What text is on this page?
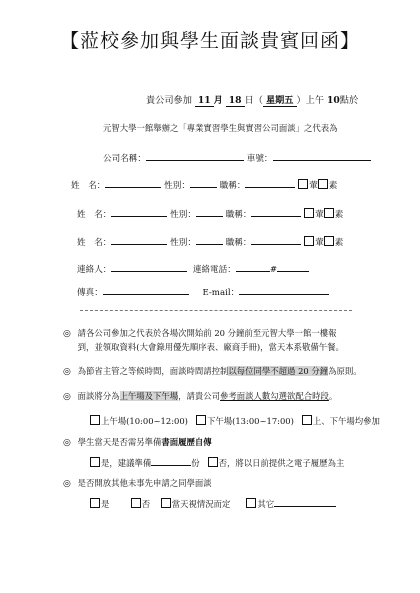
【蒞校參加與學生面談貴賓回函】
貴公司參加 11 月 18 日（ 星期五 ）上午 10點於
元智大學一館舉辦之「專業實習學生與實習公司面談」之代表為
公司名稱：	車號：
姓　名：	性別：	職稱：	葷 素
姓　名：	性別：	職稱：	葷 素
姓　名：	性別：	職稱：	葷 素
連絡人：	連絡電話：	#
傳真：	E-mail：
◎ 請各公司參加之代表於各場次開始前 20 分鐘前至元智大學一館一樓報
到，並領取資料(大會錄用優先順序表、廠商手冊)，當天本系敬備午餐。
◎ 為節省主管之等候時間，面談時間請控制以每位同學不超過 20 分鐘為原則。
◎ 面談將分為上午場及下午場，請貴公司參考面談人數勾選欲配合時段。
上午場(10:00~12:00) 下午場(13:00~17:00) 上、下午場均參加
◎ 學生當天是否需另準備書面履歷自傳
是，建議準備	份 否，將以日前提供之電子履歷為主
◎ 是否開放其他未事先申請之同學面談
是	否	當天視情況而定	其它
